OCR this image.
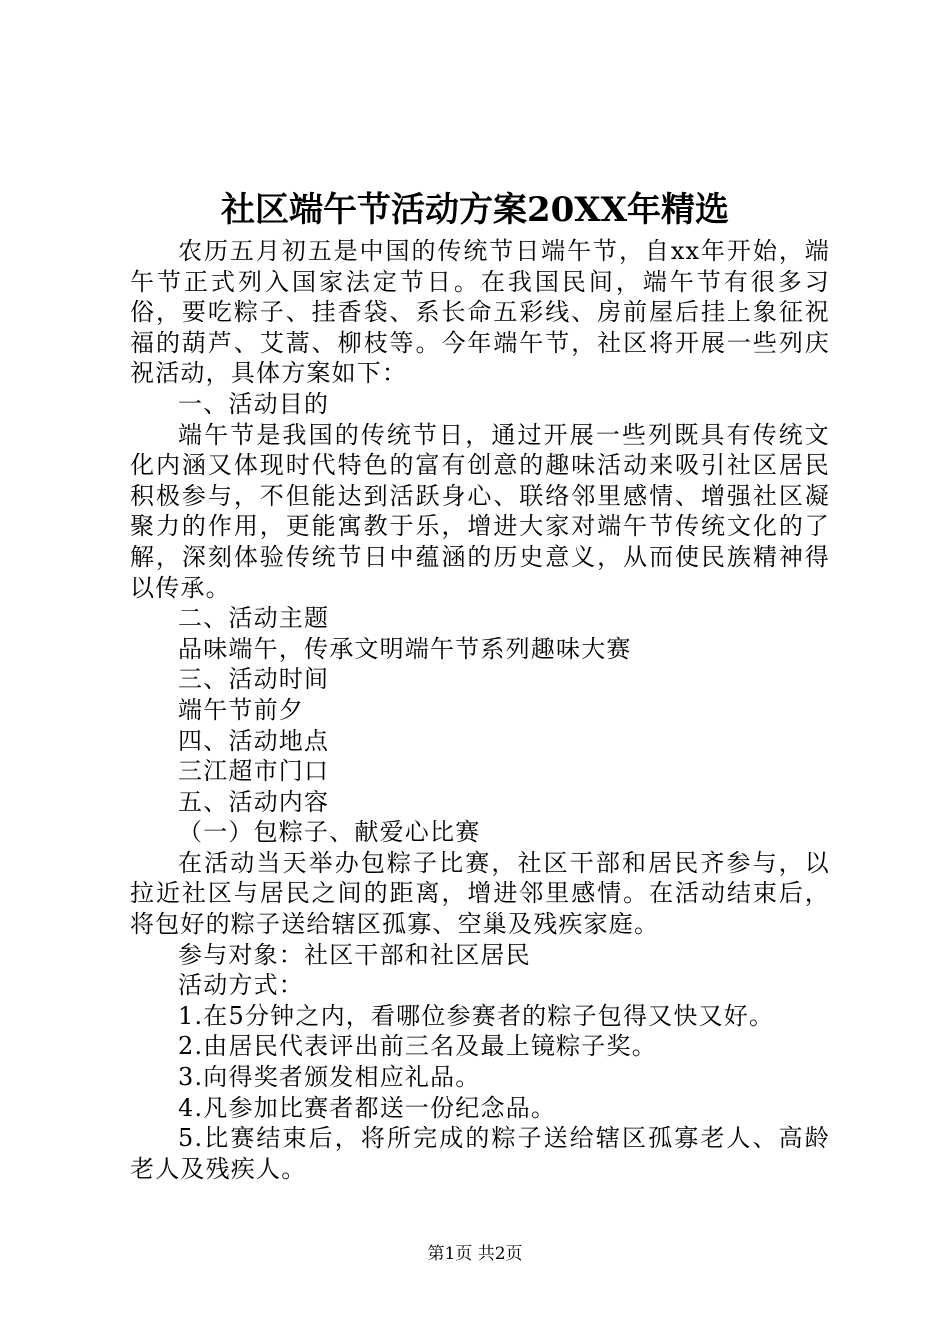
社区端午节活动方案20XX年精选

农历五月初五是中国的传统节日端午节，自xx年开始，端午节正式列入国家法定节日。在我国民间，端午节有很多习俗，要吃粽子、挂香袋、系长命五彩线、房前屋后挂上象征祝福的葫芦、艾蒿、柳枝等。今年端午节，社区将开展一些列庆祝活动，具体方案如下：

一、活动目的

端午节是我国的传统节日，通过开展一些列既具有传统文化内涵又体现时代特色的富有创意的趣味活动来吸引社区居民积极参与，不但能达到活跃身心、联络邻里感情、增强社区凝聚力的作用，更能寓教于乐，增进大家对端午节传统文化的了解，深刻体验传统节日中蕴涵的历史意义，从而使民族精神得以传承。

二、活动主题

品味端午，传承文明端午节系列趣味大赛

三、活动时间

端午节前夕

四、活动地点

三江超市门口

五、活动内容

（一）包粽子、献爱心比赛

在活动当天举办包粽子比赛，社区干部和居民齐参与，以拉近社区与居民之间的距离，增进邻里感情。在活动结束后，将包好的粽子送给辖区孤寡、空巢及残疾家庭。

参与对象：社区干部和社区居民

活动方式：

1.在5分钟之内，看哪位参赛者的粽子包得又快又好。

2.由居民代表评出前三名及最上镜粽子奖。

3.向得奖者颁发相应礼品。

4.凡参加比赛者都送一份纪念品。

5.比赛结束后，将所完成的粽子送给辖区孤寡老人、高龄老人及残疾人。

第1页 共2页
